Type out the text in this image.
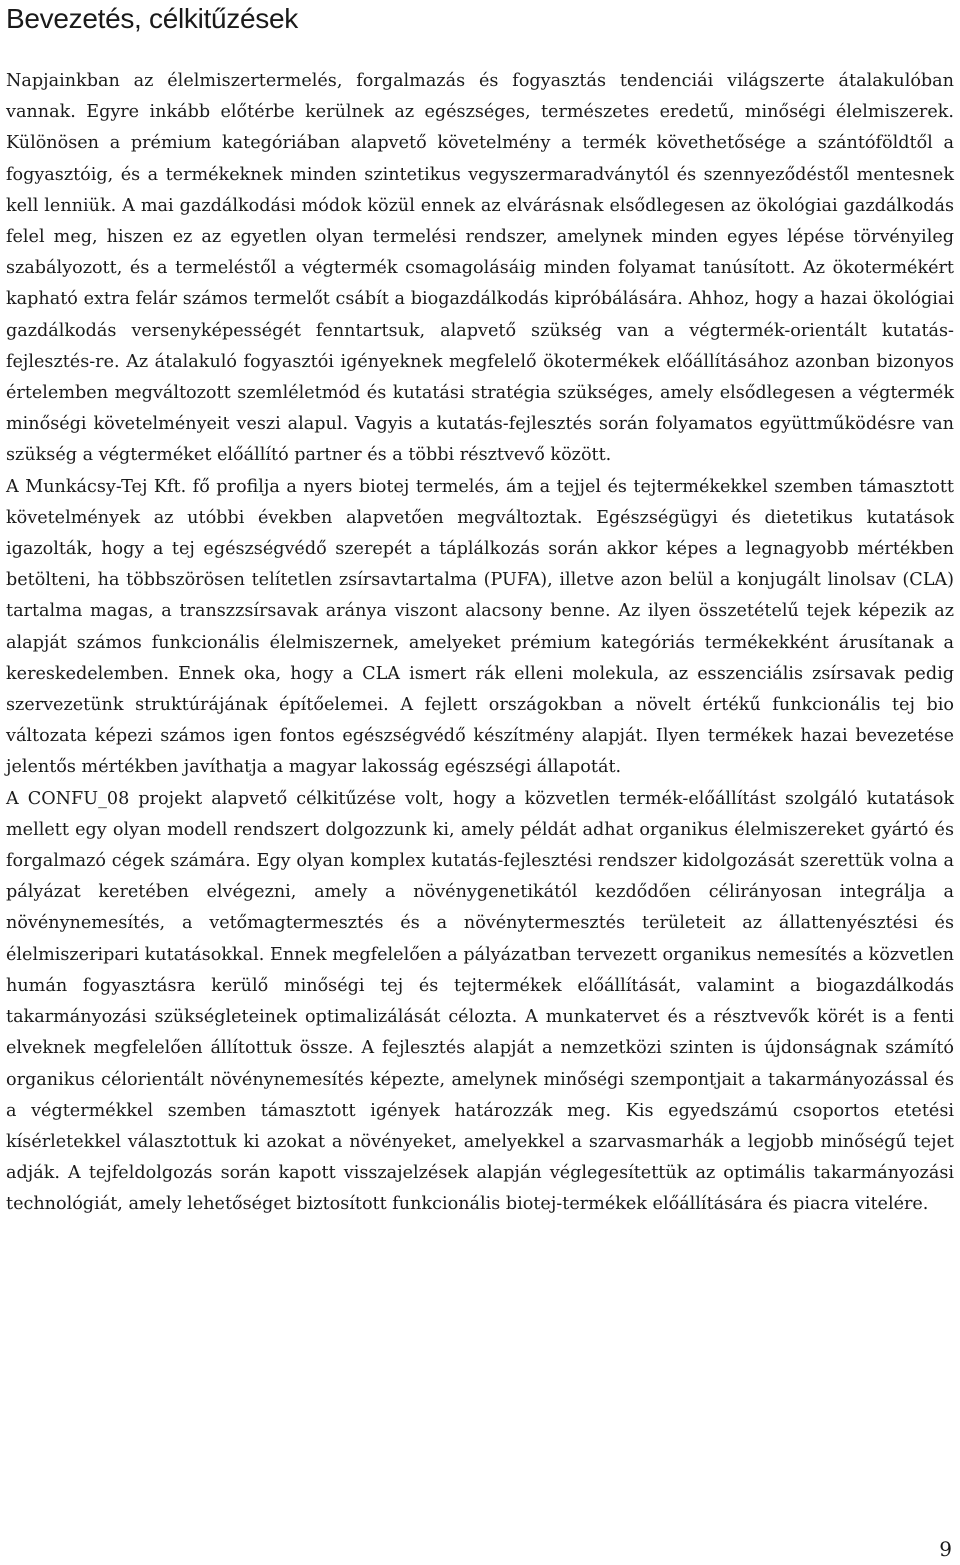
Bevezetés, célkitűzések

Napjainkban az élelmiszertermelés, forgalmazás és fogyasztás tendenciái világszerte átalakulóban vannak. Egyre inkább előtérbe kerülnek az egészséges, természetes eredetű, minőségi élelmiszerek. Különösen a prémium kategóriában alapvető követelmény a termék követhetősége a szántóföldtől a fogyasztóig, és a termékeknek minden szintetikus vegyszermaradványtól és szennyeződéstől mentesnek kell lenniük. A mai gazdálkodási módok közül ennek az elvárásnak elsődlegesen az ökológiai gazdálkodás felel meg, hiszen ez az egyetlen olyan termelési rendszer, amelynek minden egyes lépése törvényileg szabályozott, és a termeléstől a végtermék csomagolásáig minden folyamat tanúsított. Az ökotermékért kapható extra felár számos termelőt csábít a biogazdálkodás kipróbálására. Ahhoz, hogy a hazai ökológiai gazdálkodás versenyképességét fenntartsuk, alapvető szükség van a végtermék-orientált kutatás-fejlesztés-re. Az átalakuló fogyasztói igényeknek megfelelő ökotermékek előállításához azonban bizonyos értelemben megváltozott szemléletmód és kutatási stratégia szükséges, amely elsődlegesen a végtermék minőségi követelményeit veszi alapul. Vagyis a kutatás-fejlesztés során folyamatos együttműködésre van szükség a végterméket előállító partner és a többi résztvevő között.

A Munkácsy-Tej Kft. fő profilja a nyers biotej termelés, ám a tejjel és tejtermékekkel szemben támasztott követelmények az utóbbi években alapvetően megváltoztak. Egészségügyi és dietetikus kutatások igazolták, hogy a tej egészségvédő szerepét a táplálkozás során akkor képes a legnagyobb mértékben betölteni, ha többszörösen telítetlen zsírsavtartalma (PUFA), illetve azon belül a konjugált linolsav (CLA) tartalma magas, a transzzsírsavak aránya viszont alacsony benne. Az ilyen összetételű tejek képezik az alapját számos funkcionális élelmiszernek, amelyeket prémium kategóriás termékekként árusítanak a kereskedelemben. Ennek oka, hogy a CLA ismert rák elleni molekula, az esszenciális zsírsavak pedig szervezetünk struktúrájának építőelemei. A fejlett országokban a növelt értékű funkcionális tej bio változata képezi számos igen fontos egészségvédő készítmény alapját. Ilyen termékek hazai bevezetése jelentős mértékben javíthatja a magyar lakosság egészségi állapotát.

A CONFU_08 projekt alapvető célkitűzése volt, hogy a közvetlen termék-előállítást szolgáló kutatások mellett egy olyan modell rendszert dolgozzunk ki, amely példát adhat organikus élelmiszereket gyártó és forgalmazó cégek számára. Egy olyan komplex kutatás-fejlesztési rendszer kidolgozását szerettük volna a pályázat keretében elvégezni, amely a növénygenetikától kezdődően célirányosan integrálja a növénynemesítés, a vetőmagtermesztés és a növénytermesztés területeit az állattenyésztési és élelmiszeripari kutatásokkal. Ennek megfelelően a pályázatban tervezett organikus nemesítés a közvetlen humán fogyasztásra kerülő minőségi tej és tejtermékek előállítását, valamint a biogazdálkodás takarmányozási szükségleteinek optimalizálását célozta. A munkatervet és a résztvevők körét is a fenti elveknek megfelelően állítottuk össze. A fejlesztés alapját a nemzetközi szinten is újdonságnak számító organikus célorientált növénynemesítés képezte, amelynek minőségi szempontjait a takarmányozással és a végtermékkel szemben támasztott igények határozzák meg. Kis egyedszámú csoportos etetési kísérletekkel választottuk ki azokat a növényeket, amelyekkel a szarvasmarhák a legjobb minőségű tejet adják. A tejfeldolgozás során kapott visszajelzések alapján véglegesítettük az optimális takarmányozási technológiát, amely lehetőséget biztosított funkcionális biotej-termékek előállítására és piacra vitelére.

9
